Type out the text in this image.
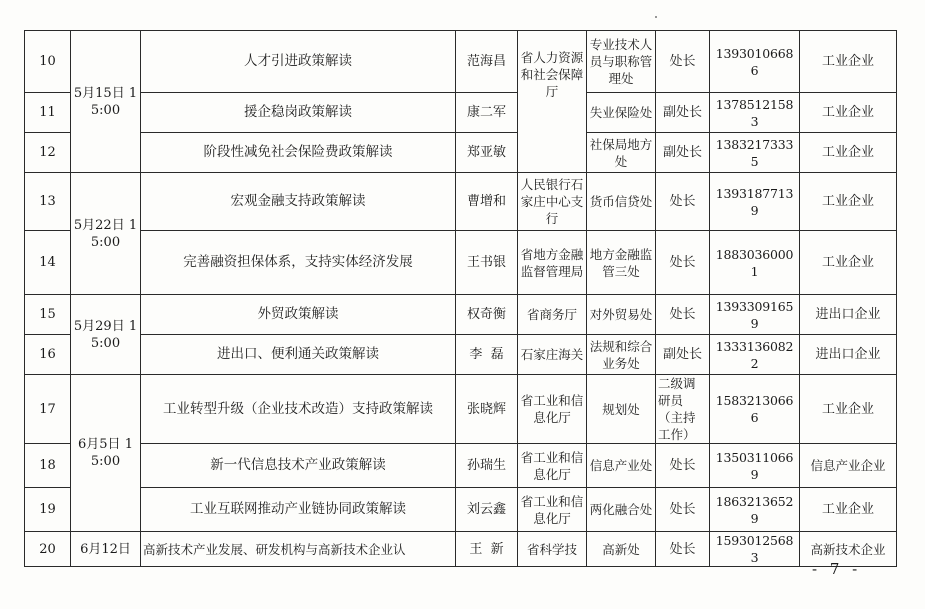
10	5月15日 15:00	人才引进政策解读	范海昌	省人力资源和社会保障厅	专业技术人员与职称管理处	处长	13930106686	工业企业
11		援企稳岗政策解读	康二军		失业保险处	副处长	13785121583	工业企业
12		阶段性减免社会保险费政策解读	郑亚敏		社保局地方处	副处长	13832173335	工业企业
13	5月22日 15:00	宏观金融支持政策解读	曹增和	人民银行石家庄中心支行	货币信贷处	处长	13931877139	工业企业
14		完善融资担保体系，支持实体经济发展	王书银	省地方金融监督管理局	地方金融监管三处	处长	18830360001	工业企业
15	5月29日 15:00	外贸政策解读	权奇衡	省商务厅	对外贸易处	处长	13933091659	进出口企业
16		进出口、便利通关政策解读	李  磊	石家庄海关	法规和综合业务处	副处长	13331360822	进出口企业
17	6月5日 15:00	工业转型升级（企业技术改造）支持政策解读	张晓辉	省工业和信息化厅	规划处	二级调研员（主持工作）	15832130666	工业企业
18		新一代信息技术产业政策解读	孙瑞生	省工业和信息化厅	信息产业处	处长	13503110669	信息产业企业
19		工业互联网推动产业链协同政策解读	刘云鑫	省工业和信息化厅	两化融合处	处长	18632136529	工业企业
20	6月12日	高新技术产业发展、研发机构与高新技术企业认	王  新	省科学技	高新处	处长	15930125683	高新技术企业
- 7 -
